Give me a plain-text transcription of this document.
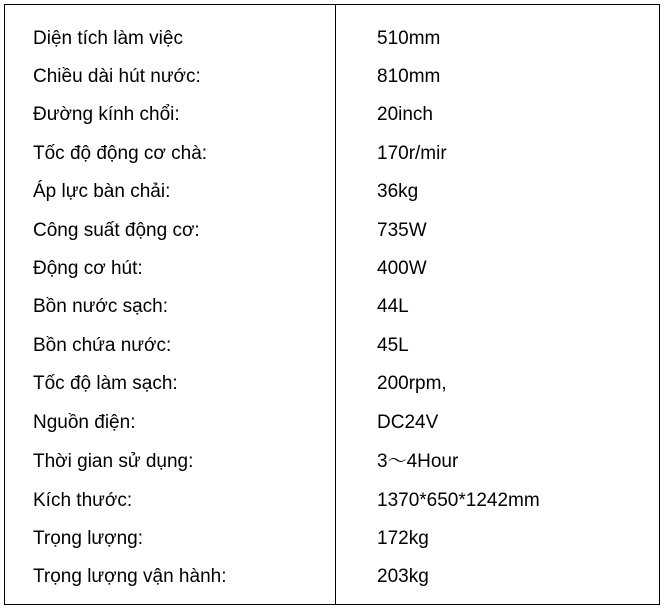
Diện tích làm việc	510mm
Chiều dài hút nước:	810mm
Đường kính chổi:	20inch
Tốc độ động cơ chà:	170r/mir
Áp lực bàn chải:	36kg
Công suất động cơ:	735W
Động cơ hút:	400W
Bồn nước sạch:	44L
Bồn chứa nước:	45L
Tốc độ làm sạch:	200rpm,
Nguồn điện:	DC24V
Thời gian sử dụng:	3～4Hour
Kích thước:	1370*650*1242mm
Trọng lượng:	172kg
Trọng lượng vận hành:	203kg
